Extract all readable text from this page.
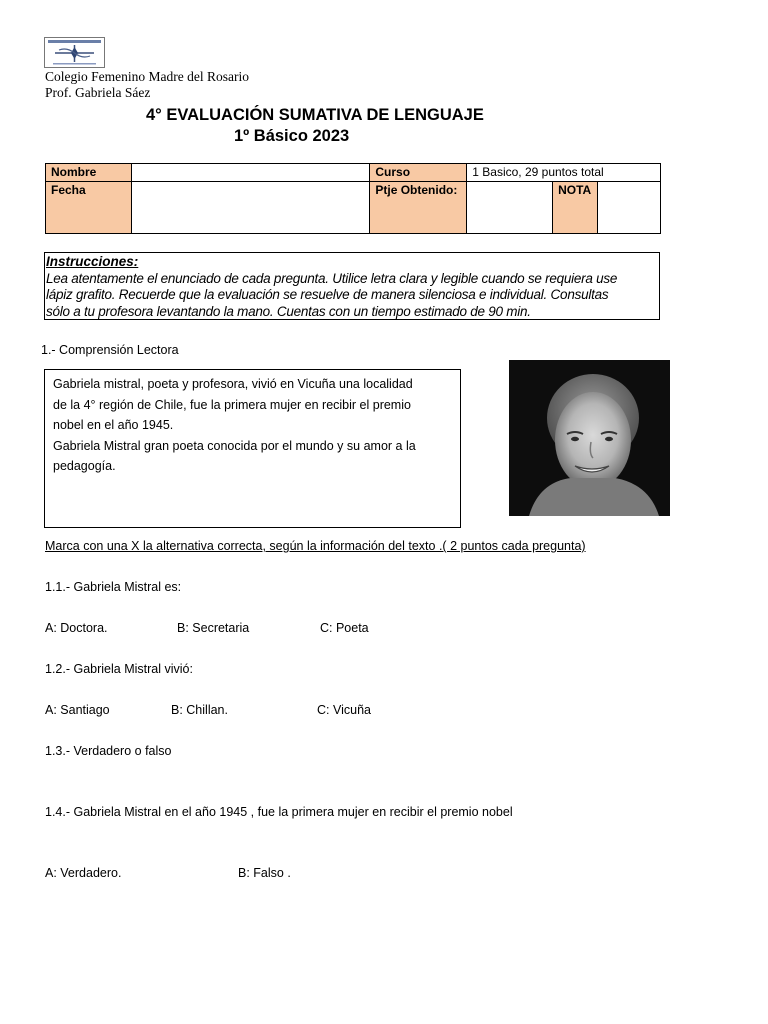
Colegio Femenino Madre del Rosario
Prof. Gabriela Sáez
4° EVALUACIÓN SUMATIVA DE LENGUAJE
1º Básico 2023
Nombre		Curso	1 Basico, 29 puntos total		
Fecha		Ptje Obtenido:		NOTA	
Instrucciones:
Lea atentamente el enunciado de cada pregunta. Utilice letra clara y legible cuando se requiera use
lápiz grafito. Recuerde que la evaluación se resuelve de manera silenciosa e individual. Consultas
sólo a tu profesora levantando la mano. Cuentas con un tiempo estimado de 90 min.
1.- Comprensión Lectora
Gabriela mistral, poeta y profesora, vivió en Vicuña una localidad
de la 4° región de Chile, fue la primera mujer en recibir el premio
nobel en el año 1945.
Gabriela Mistral gran poeta conocida por el mundo y su amor a la
pedagogía.
Marca con una X la alternativa correcta, según la información del texto .( 2 puntos cada pregunta)
1.1.- Gabriela Mistral es:
A: Doctora.	B: Secretaria	C: Poeta
1.2.- Gabriela Mistral vivió:
A: Santiago	B: Chillan.	C: Vicuña
1.3.- Verdadero o falso
1.4.- Gabriela Mistral en el año 1945 , fue la primera mujer en recibir el premio nobel
A: Verdadero.	B: Falso .
